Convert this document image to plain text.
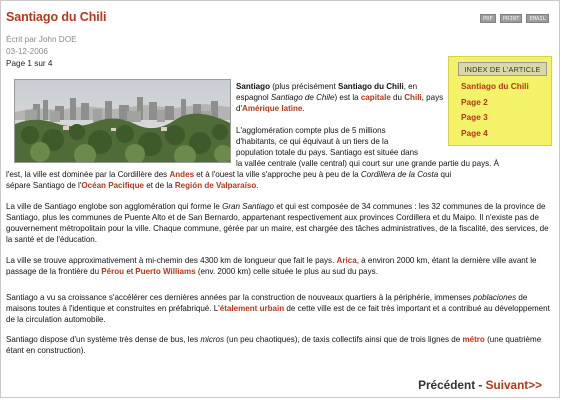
Santiago du Chili
Écrit par John DOE
03-12-2006
Page 1 sur 4
PDF	PRINT	EMAIL
INDEX DE L'ARTICLE
Santiago du Chili
Page 2
Page 3
Page 4
Santiago (plus précisément Santiago du Chili, en espagnol Santiago de Chile) est la capitale du Chili, pays d'Amérique latine.
L'agglomération compte plus de 5 millions
d'habitants, ce qui équivaut à un tiers de la
population totale du pays. Santiago est située dans
la vallée centrale (valle central) qui court sur une grande partie du pays. À
l'est, la ville est dominée par la Cordillère des Andes et à l'ouest la ville s'approche peu à peu de la Cordillera de la Costa qui
sépare Santiago de l'Océan Pacifique et de la Región de Valparaíso.
La ville de Santiago englobe son agglomération qui forme le Gran Santiago et qui est composée de 34 communes : les 32 communes de la province de Santiago, plus les communes de Puente Alto et de San Bernardo, appartenant respectivement aux provinces Cordillera et du Maipo. Il n'existe pas de gouvernement métropolitain pour la ville. Chaque commune, gérée par un maire, est chargée des tâches administratives, de la fiscalité, des services, de la santé et de l'éducation.
La ville se trouve approximativement à mi-chemin des 4300 km de longueur que fait le pays. Arica, à environ 2000 km, étant la dernière ville avant le passage de la frontière du Pérou et Puerto Williams (env. 2000 km) celle située le plus au sud du pays.
Santiago a vu sa croissance s'accélérer ces dernières années par la construction de nouveaux quartiers à la périphérie, immenses poblaciones de maisons toutes à l'identique et construites en préfabriqué. L'étalement urbain de cette ville est de ce fait très important et a contribué au développement de la circulation automobile.
Santiago dispose d'un système très dense de bus, les micros (un peu chaotiques), de taxis collectifs ainsi que de trois lignes de métro (une quatrième étant en construction).
Précédent - Suivant>>
